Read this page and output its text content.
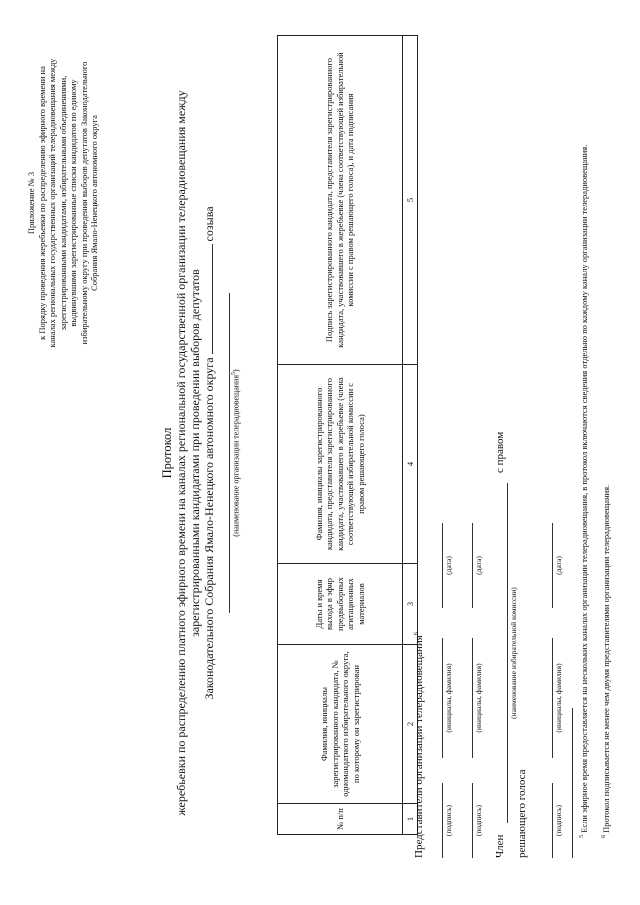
Приложение № 3 к Порядку проведения жеребьевки по распределению эфирного времени на каналах региональных государственных организаций телерадиовещания между зарегистрированными кандидатами, избирательными объединениями, выдвинувшими зарегистрированные списки кандидатов по единому избирательному округу при проведении выборов депутатов Законодательного Собрания Ямало-Ненецкого автономного округа
Протокол жеребьевки по распределению платного эфирного времени на каналах региональной государственной организации телерадиовещания между зарегистрированными кандидатами при проведении выборов депутатов Законодательного Собрания Ямало-Ненецкого автономного округа  созыва
(наименование организации телерадиовещания$^5$)
№ п/п	Фамилия, инициалы зарегистрированного кандидата, № одномандатного избирательного округа, по которому он зарегистрирован	Даты и время выхода в эфир предвыборных агитационных материалов	Фамилия, инициалы зарегистрированного кандидата, представителя зарегистрированного кандидата, участвовавшего в жеребьевке (члена соответствующей избирательной комиссии с правом решающего голоса)	Подпись зарегистрированного кандидата, представителя зарегистрированного кандидата, участвовавшего в жеребьевке (члена соответствующей избирательной комиссии с правом решающего голоса), и дата подписания
1	2	3	4	5
Представители организации телерадиовещания$^6$
(подпись)
(инициалы, фамилия)
(дата)
(подпись)
(инициалы, фамилия)
(дата)
Член
(наименование избирательной комиссии)
с правом
решающего голоса	(подпись)
(инициалы, фамилия)
(дата)
$^5$ Если эфирное время предоставляется на нескольких каналах организации телерадиовещания, в протокол включаются сведения отдельно по каждому каналу организации телерадиовещания.
$^6$ Протокол подписывается не менее чем двумя представителями организации телерадиовещания.
